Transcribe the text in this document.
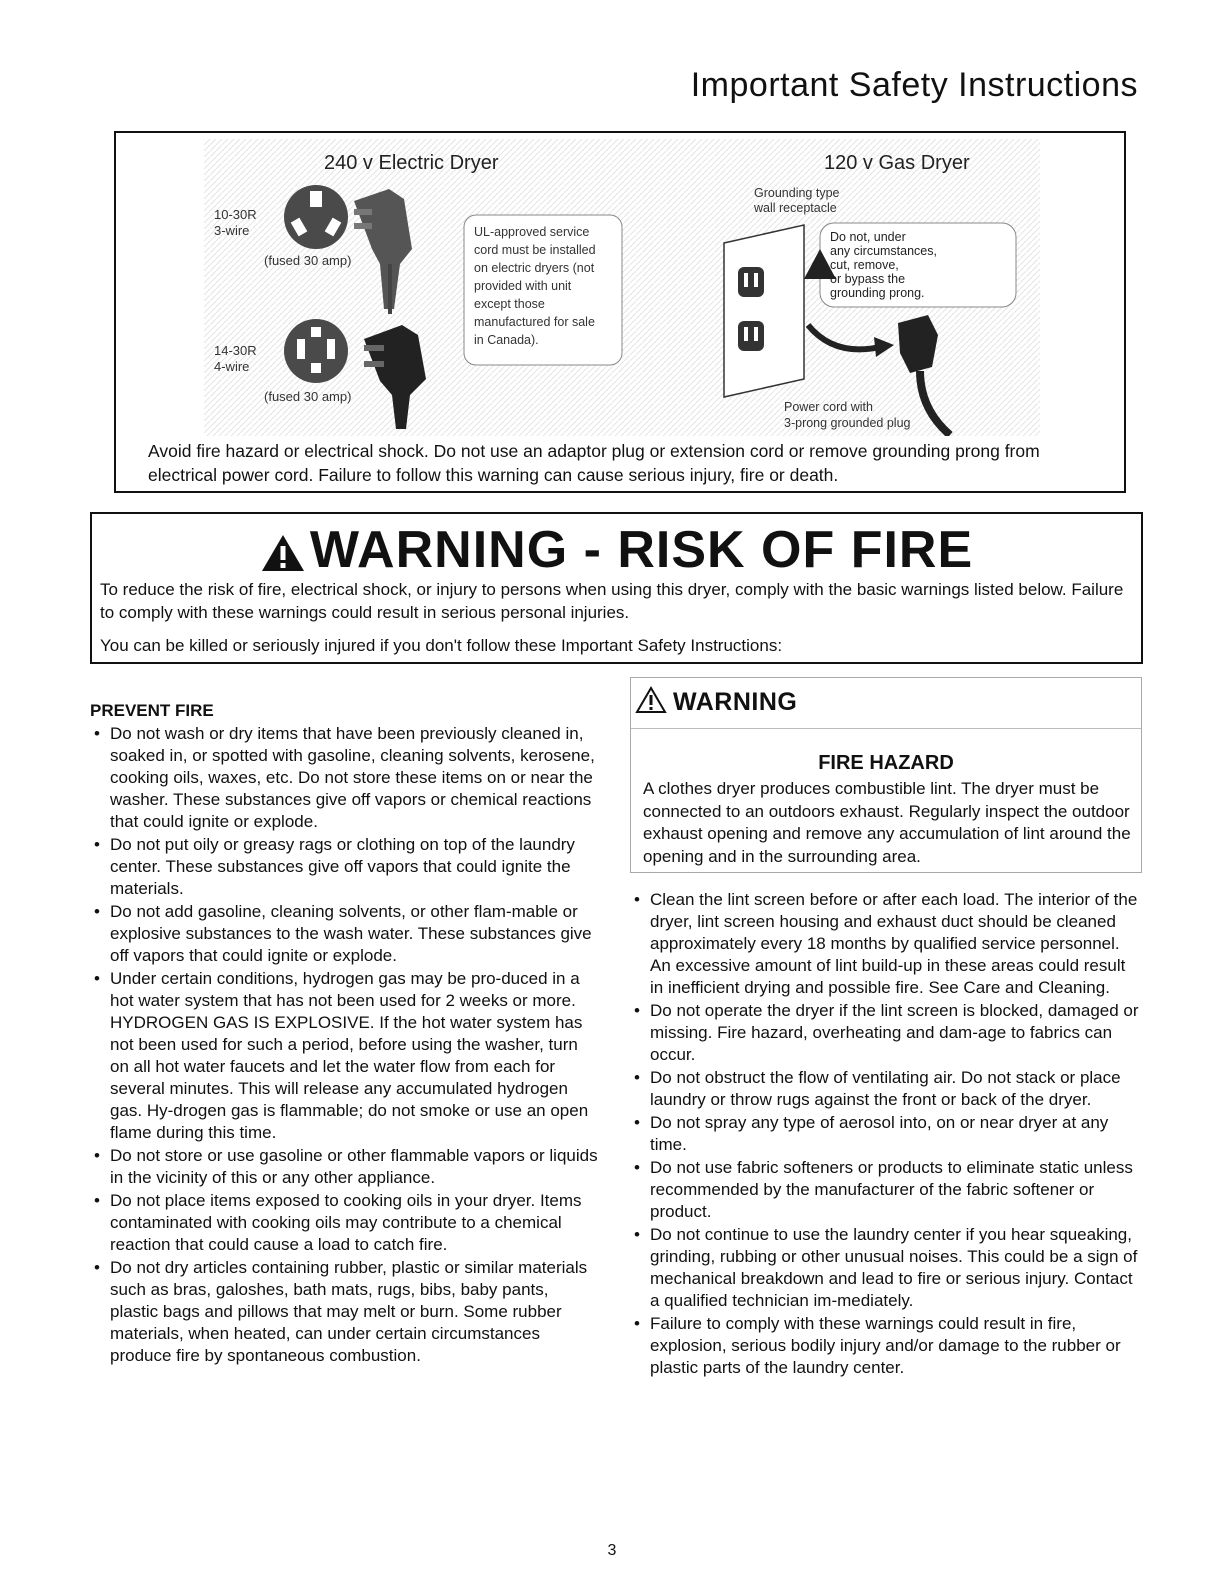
Important Safety Instructions
240 v Electric Dryer	120 v Gas Dryer
10-30R
3-wire
(fused 30 amp)
14-30R
4-wire
(fused 30 amp)
UL-approved service
cord must be installed
on electric dryers (not
provided with unit
except those
manufactured for sale
in Canada).
Grounding type
wall receptacle
Do not, under
any circumstances,
cut, remove,
or bypass the
grounding prong.
Power cord with
3-prong grounded plug
Avoid fire hazard or electrical shock. Do not use an adaptor plug or extension cord or remove grounding prong from electrical power cord. Failure to follow this warning can cause serious injury, fire or death.
WARNING - RISK OF FIRE

To reduce the risk of fire, electrical shock, or injury to persons when using this dryer, comply with the basic warnings listed below. Failure to comply with these warnings could result in serious personal injuries.

You can be killed or seriously injured if you don't follow these Important Safety Instructions:

PREVENT FIRE
• Do not wash or dry items that have been previously cleaned in, soaked in, or spotted with gasoline, cleaning solvents, kerosene, cooking oils, waxes, etc. Do not store these items on or near the washer. These substances give off vapors or chemical reactions that could ignite or explode.
• Do not put oily or greasy rags or clothing on top of the laundry center. These substances give off vapors that could ignite the materials.
• Do not add gasoline, cleaning solvents, or other flam-mable or explosive substances to the wash water. These substances give off vapors that could ignite or explode.
• Under certain conditions, hydrogen gas may be pro-duced in a hot water system that has not been used for 2 weeks or more. HYDROGEN GAS IS EXPLOSIVE. If the hot water system has not been used for such a period, before using the washer, turn on all hot water faucets and let the water flow from each for several minutes. This will release any accumulated hydrogen gas. Hy-drogen gas is flammable; do not smoke or use an open flame during this time.
• Do not store or use gasoline or other flammable vapors or liquids in the vicinity of this or any other appliance.
• Do not place items exposed to cooking oils in your dryer. Items contaminated with cooking oils may contribute to a chemical reaction that could cause a load to catch fire.
• Do not dry articles containing rubber, plastic or similar materials such as bras, galoshes, bath mats, rugs, bibs, baby pants, plastic bags and pillows that may melt or burn. Some rubber materials, when heated, can under certain circumstances produce fire by spontaneous combustion.
WARNING
FIRE HAZARD
A clothes dryer produces combustible lint. The dryer must be connected to an outdoors exhaust. Regularly inspect the outdoor exhaust opening and remove any accumulation of lint around the opening and in the surrounding area.
• Clean the lint screen before or after each load. The interior of the dryer, lint screen housing and exhaust duct should be cleaned approximately every 18 months by qualified service personnel. An excessive amount of lint build-up in these areas could result in inefficient drying and possible fire. See Care and Cleaning.
• Do not operate the dryer if the lint screen is blocked, damaged or missing. Fire hazard, overheating and dam-age to fabrics can occur.
• Do not obstruct the flow of ventilating air. Do not stack or place laundry or throw rugs against the front or back of the dryer.
• Do not spray any type of aerosol into, on or near dryer at any time.
• Do not use fabric softeners or products to eliminate static unless recommended by the manufacturer of the fabric softener or product.
• Do not continue to use the laundry center if you hear squeaking, grinding, rubbing or other unusual noises. This could be a sign of mechanical breakdown and lead to fire or serious injury. Contact a qualified technician im-mediately.
• Failure to comply with these warnings could result in fire, explosion, serious bodily injury and/or damage to the rubber or plastic parts of the laundry center.
3
